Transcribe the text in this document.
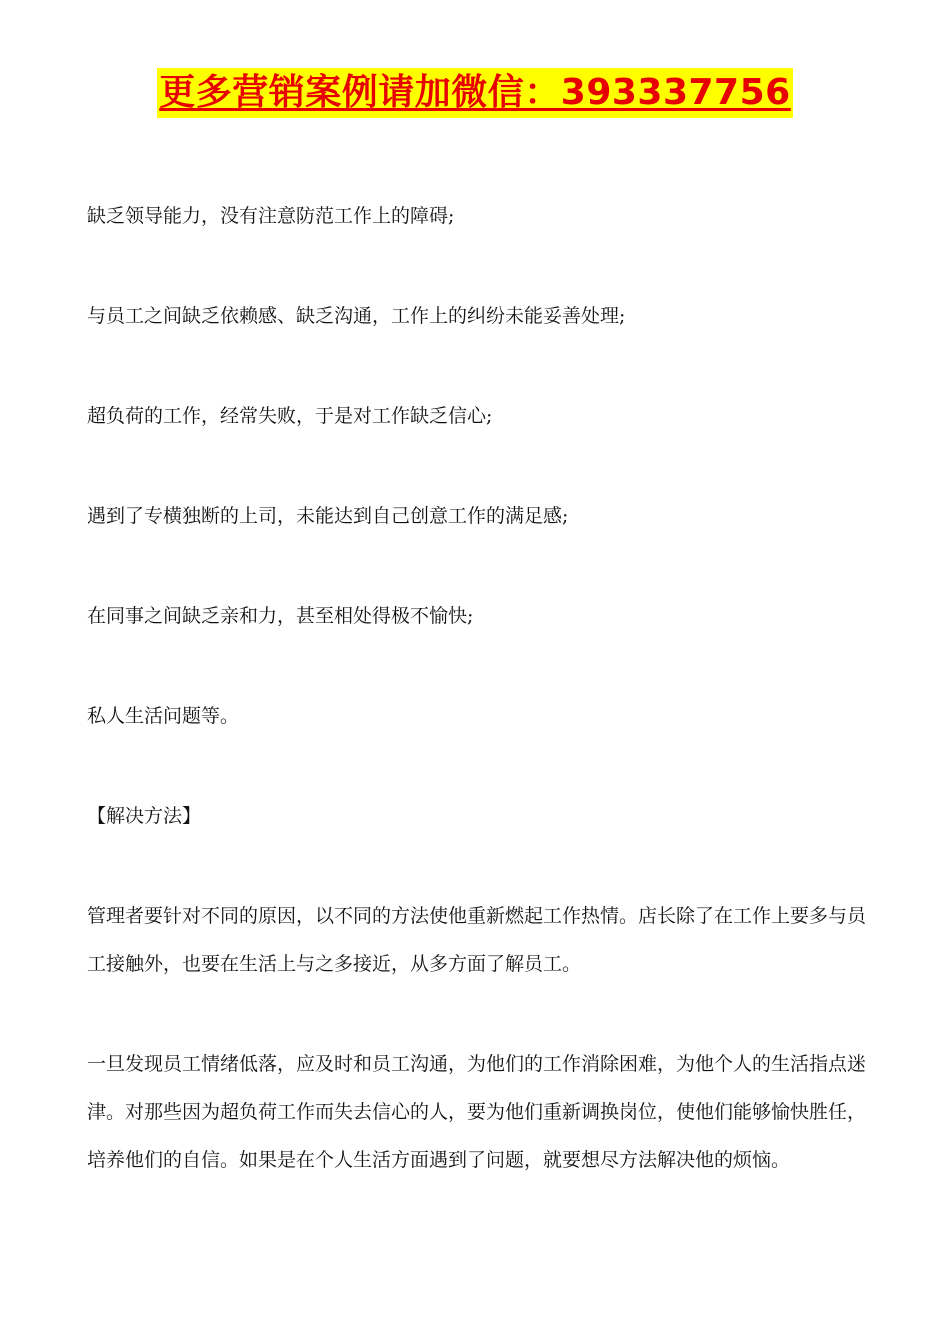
更多营销案例请加微信：393337756

缺乏领导能力，没有注意防范工作上的障碍;

与员工之间缺乏依赖感、缺乏沟通，工作上的纠纷未能妥善处理;

超负荷的工作，经常失败，于是对工作缺乏信心;

遇到了专横独断的上司，未能达到自己创意工作的满足感;

在同事之间缺乏亲和力，甚至相处得极不愉快;

私人生活问题等。

【解决方法】

管理者要针对不同的原因，以不同的方法使他重新燃起工作热情。店长除了在工作上要多与员工接触外，也要在生活上与之多接近，从多方面了解员工。

一旦发现员工情绪低落，应及时和员工沟通，为他们的工作消除困难，为他个人的生活指点迷津。对那些因为超负荷工作而失去信心的人，要为他们重新调换岗位，使他们能够愉快胜任，培养他们的自信。如果是在个人生活方面遇到了问题，就要想尽方法解决他的烦恼。
